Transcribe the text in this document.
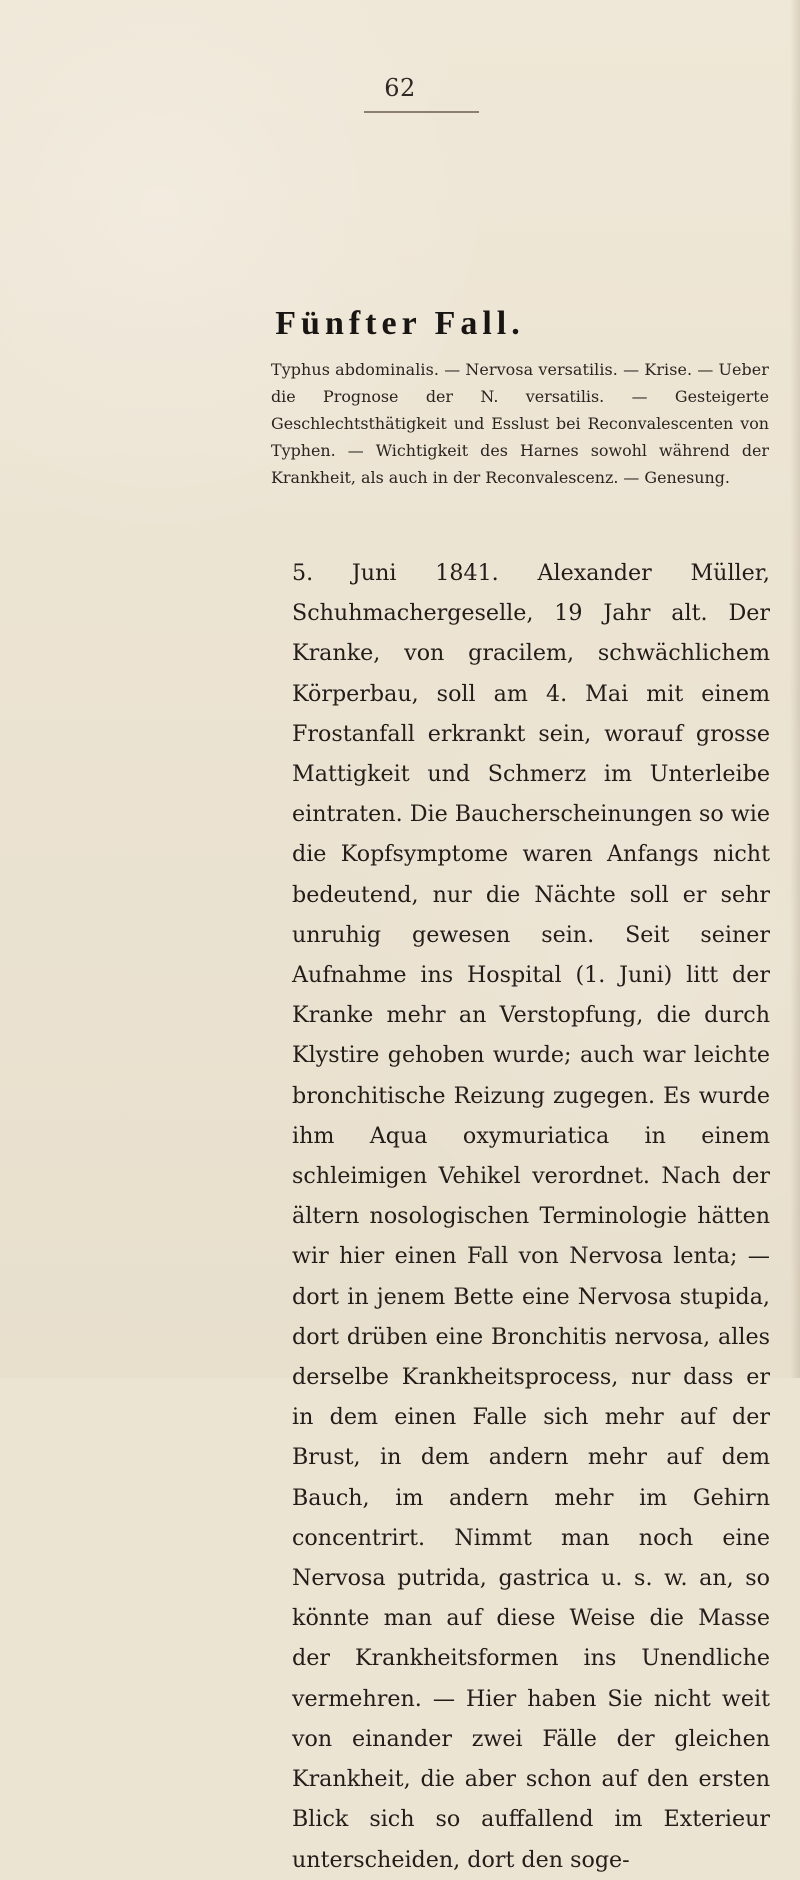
62
Fünfter Fall.

Typhus abdominalis. — Nervosa versatilis. — Krise. — Ueber die Prognose der N. versatilis. — Gesteigerte Geschlechtsthätigkeit und Esslust bei Reconvalescenten von Typhen. — Wichtigkeit des Harnes sowohl während der Krankheit, als auch in der Reconvalescenz. — Genesung.

5. Juni 1841. Alexander Müller, Schuhmachergeselle, 19 Jahr alt. Der Kranke, von gracilem, schwächlichem Körperbau, soll am 4. Mai mit einem Frostanfall erkrankt sein, worauf grosse Mattigkeit und Schmerz im Unterleibe eintraten. Die Baucherscheinungen so wie die Kopfsymptome waren Anfangs nicht bedeutend, nur die Nächte soll er sehr unruhig gewesen sein. Seit seiner Aufnahme ins Hospital (1. Juni) litt der Kranke mehr an Verstopfung, die durch Klystire gehoben wurde; auch war leichte bronchitische Reizung zugegen. Es wurde ihm Aqua oxymuriatica in einem schleimigen Vehikel verordnet. Nach der ältern nosologischen Terminologie hätten wir hier einen Fall von Nervosa lenta; — dort in jenem Bette eine Nervosa stupida, dort drüben eine Bronchitis nervosa, alles derselbe Krankheitsprocess, nur dass er in dem einen Falle sich mehr auf der Brust, in dem andern mehr auf dem Bauch, im andern mehr im Gehirn concentrirt. Nimmt man noch eine Nervosa putrida, gastrica u. s. w. an, so könnte man auf diese Weise die Masse der Krankheitsformen ins Unendliche vermehren. — Hier haben Sie nicht weit von einander zwei Fälle der gleichen Krankheit, die aber schon auf den ersten Blick sich so auffallend im Exterieur unterscheiden, dort den soge-
